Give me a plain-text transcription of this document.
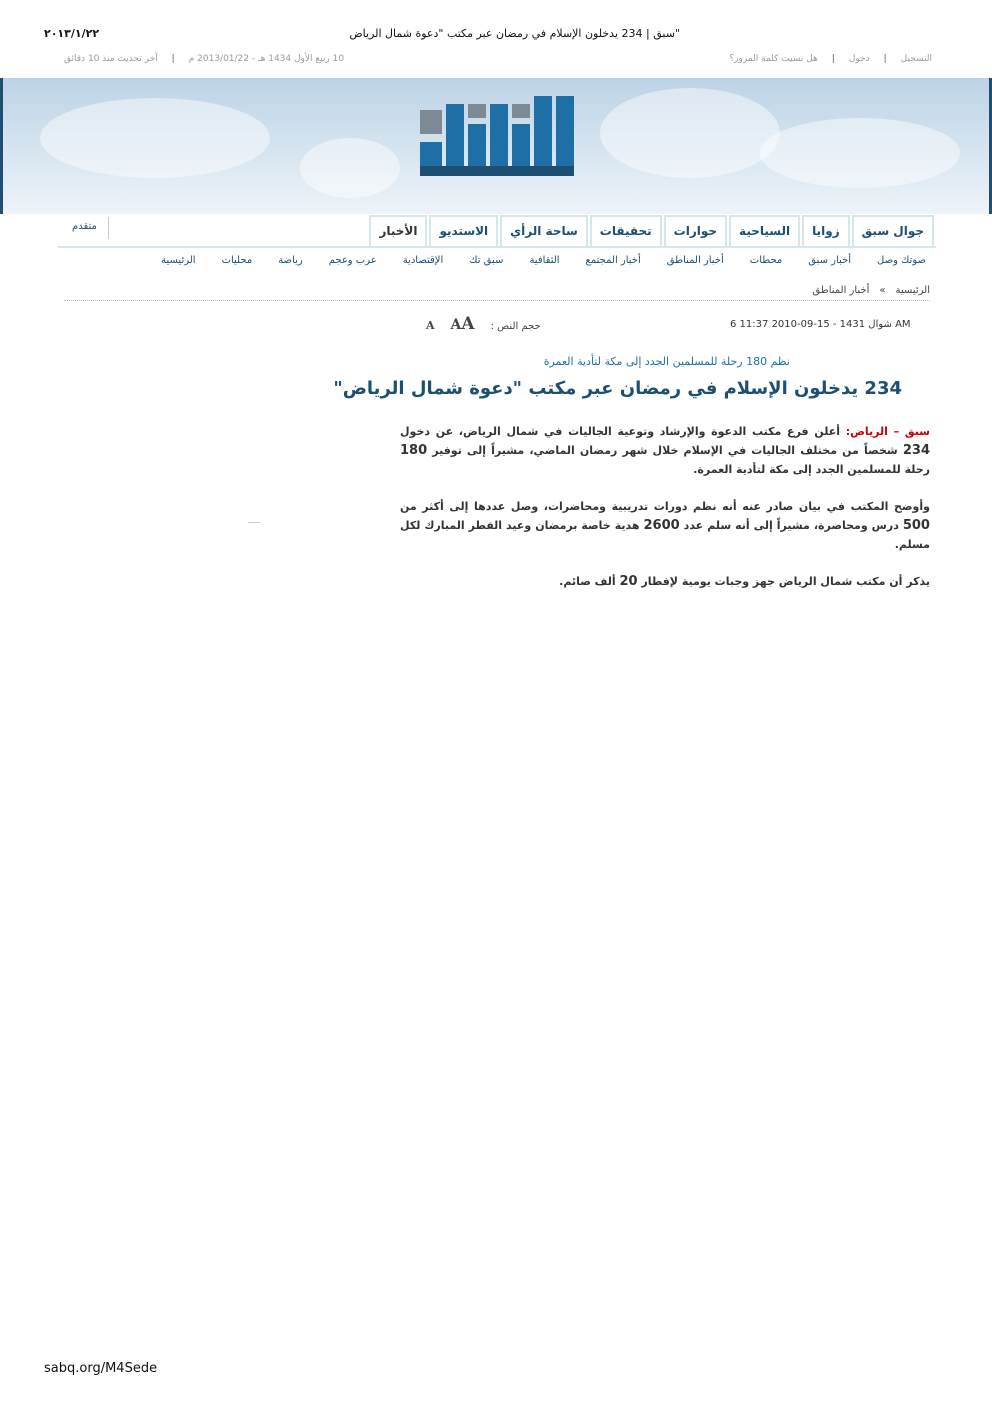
٢٠١٣/١/٢٢	"سبق | 234 يدخلون الإسلام في رمضان عبر مكتب "دعوة شمال الرياض
التسجيل|دخول|هل نسيت كلمة المرور؟
10 ربيع الأول 1434 هـ - 2013/01/22 م|آخر تحديث منذ 10 دقائق
متقدم	الأخبار	الاستديو	ساحة الرأي	تحقيقات	حوارات	السياحية	زوايا	جوال سبق
الرئيسية	محليات	رياضة	عرب وعجم	الإقتصادية	سبق تك	الثقافية	أخبار المجتمع	أخبار المناطق	محطات	أخبار سبق	صوتك وصل
الرئيسية»أخبار المناطق
6 شوال 1431 - 15-09-2010 11:37 AM
حجم النص :A AA
نظم 180 رحلة للمسلمين الجدد إلى مكة لتأدية العمرة
234 يدخلون الإسلام في رمضان عبر مكتب "دعوة شمال الرياض"

سبق – الرياض: أعلن فرع مكتب الدعوة والإرشاد وتوعية الجاليات في شمال الرياض، عن دخول 234 شخصاً من مختلف الجاليات في الإسلام خلال شهر رمضان الماضي، مشيراً إلى توفير 180 رحلة للمسلمين الجدد إلى مكة لتأدية العمرة.

وأوضح المكتب في بيان صادر عنه أنه نظم دورات تدريبية ومحاضرات، وصل عددها إلى أكثر من 500 درس ومحاضرة، مشيراً إلى أنه سلم عدد 2600 هدية خاصة برمضان وعيد الفطر المبارك لكل مسلم.

يذكر أن مكتب شمال الرياض جهز وجبات يومية لإفطار 20 ألف صائم.

sabq.org/M4Sede
